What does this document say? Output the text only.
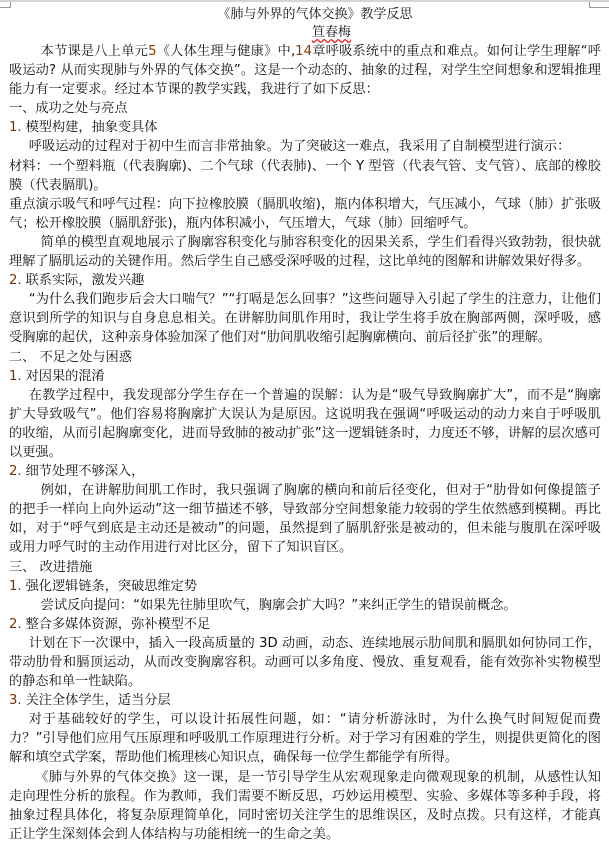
《肺与外界的气体交换》教学反思
笪春梅

本节课是八上单元5《人体生理与健康》中,14章呼吸系统中的重点和难点。如何让学生理解“呼吸运动? 从而实现肺与外界的气体交换”。这是一个动态的、抽象的过程，对学生空间想象和逻辑推理能力有一定要求。经过本节课的教学实践，我进行了如下反思：

一、成功之处与亮点
1. 模型构建，抽象变具体

呼吸运动的过程对于初中生而言非常抽象。为了突破这一难点，我采用了自制模型进行演示：

材料：一个塑料瓶（代表胸廓)、二个气球（代表肺)、一个 Y 型管（代表气管、支气管）、底部的橡胶膜（代表膈肌)。

重点演示吸气和呼气过程：向下拉橡胶膜（膈肌收缩)，瓶内体积增大，气压减小，气球（肺）扩张吸气；松开橡胶膜（膈肌舒张)，瓶内体积减小，气压增大，气球（肺）回缩呼气。

简单的模型直观地展示了胸廓容积变化与肺容积变化的因果关系，学生们看得兴致勃勃，很快就理解了膈肌运动的关键作用。然后学生自己感受深呼吸的过程，这比单纯的图解和讲解效果好得多。

2. 联系实际，激发兴趣

“为什么我们跑步后会大口喘气？”“打嗝是怎么回事？”这些问题导入引起了学生的注意力，让他们意识到所学的知识与自身息息相关。在讲解肋间肌作用时，我让学生将手放在胸部两侧，深呼吸，感受胸廓的起伏，这种亲身体验加深了他们对“肋间肌收缩引起胸廓横向、前后径扩张”的理解。

二、 不足之处与困惑
1. 对因果的混淆

在教学过程中，我发现部分学生存在一个普遍的误解：认为是“吸气导致胸廓扩大”，而不是“胸廓扩大导致吸气”。他们容易将胸廓扩大误认为是原因。这说明我在强调“呼吸运动的动力来自于呼吸肌的收缩，从而引起胸廓变化，进而导致肺的被动扩张”这一逻辑链条时，力度还不够，讲解的层次感可以更强。

2. 细节处理不够深入，

例如，在讲解肋间肌工作时，我只强调了胸廓的横向和前后径变化，但对于“肋骨如何像提篮子的把手一样向上向外运动”这一细节描述不够，导致部分空间想象能力较弱的学生依然感到模糊。再比如，对于“呼气到底是主动还是被动”的问题，虽然提到了膈肌舒张是被动的，但未能与腹肌在深呼吸或用力呼气时的主动作用进行对比区分，留下了知识盲区。

三、 改进措施
1. 强化逻辑链条，突破思维定势

尝试反向提问：“如果先往肺里吹气，胸廓会扩大吗？”来纠正学生的错误前概念。

2. 整合多媒体资源，弥补模型不足

计划在下一次课中，插入一段高质量的 3D 动画，动态、连续地展示肋间肌和膈肌如何协同工作，带动肋骨和膈顶运动，从而改变胸廓容积。动画可以多角度、慢放、重复观看，能有效弥补实物模型的静态和单一性缺陷。

3. 关注全体学生，适当分层

对于基础较好的学生，可以设计拓展性问题，如：“请分析游泳时，为什么换气时间短促而费力？”引导他们应用气压原理和呼吸肌工作原理进行分析。对于学习有困难的学生，则提供更简化的图解和填空式学案，帮助他们梳理核心知识点，确保每一位学生都能学有所得。

《肺与外界的气体交换》这一课，是一节引导学生从宏观现象走向微观现象的机制，从感性认知走向理性分析的旅程。作为教师，我们需要不断反思，巧妙运用模型、实验、多媒体等多种手段，将抽象过程具体化，将复杂原理简单化，同时密切关注学生的思维误区，及时点拨。只有这样，才能真正让学生深刻体会到人体结构与功能相统一的生命之美。
